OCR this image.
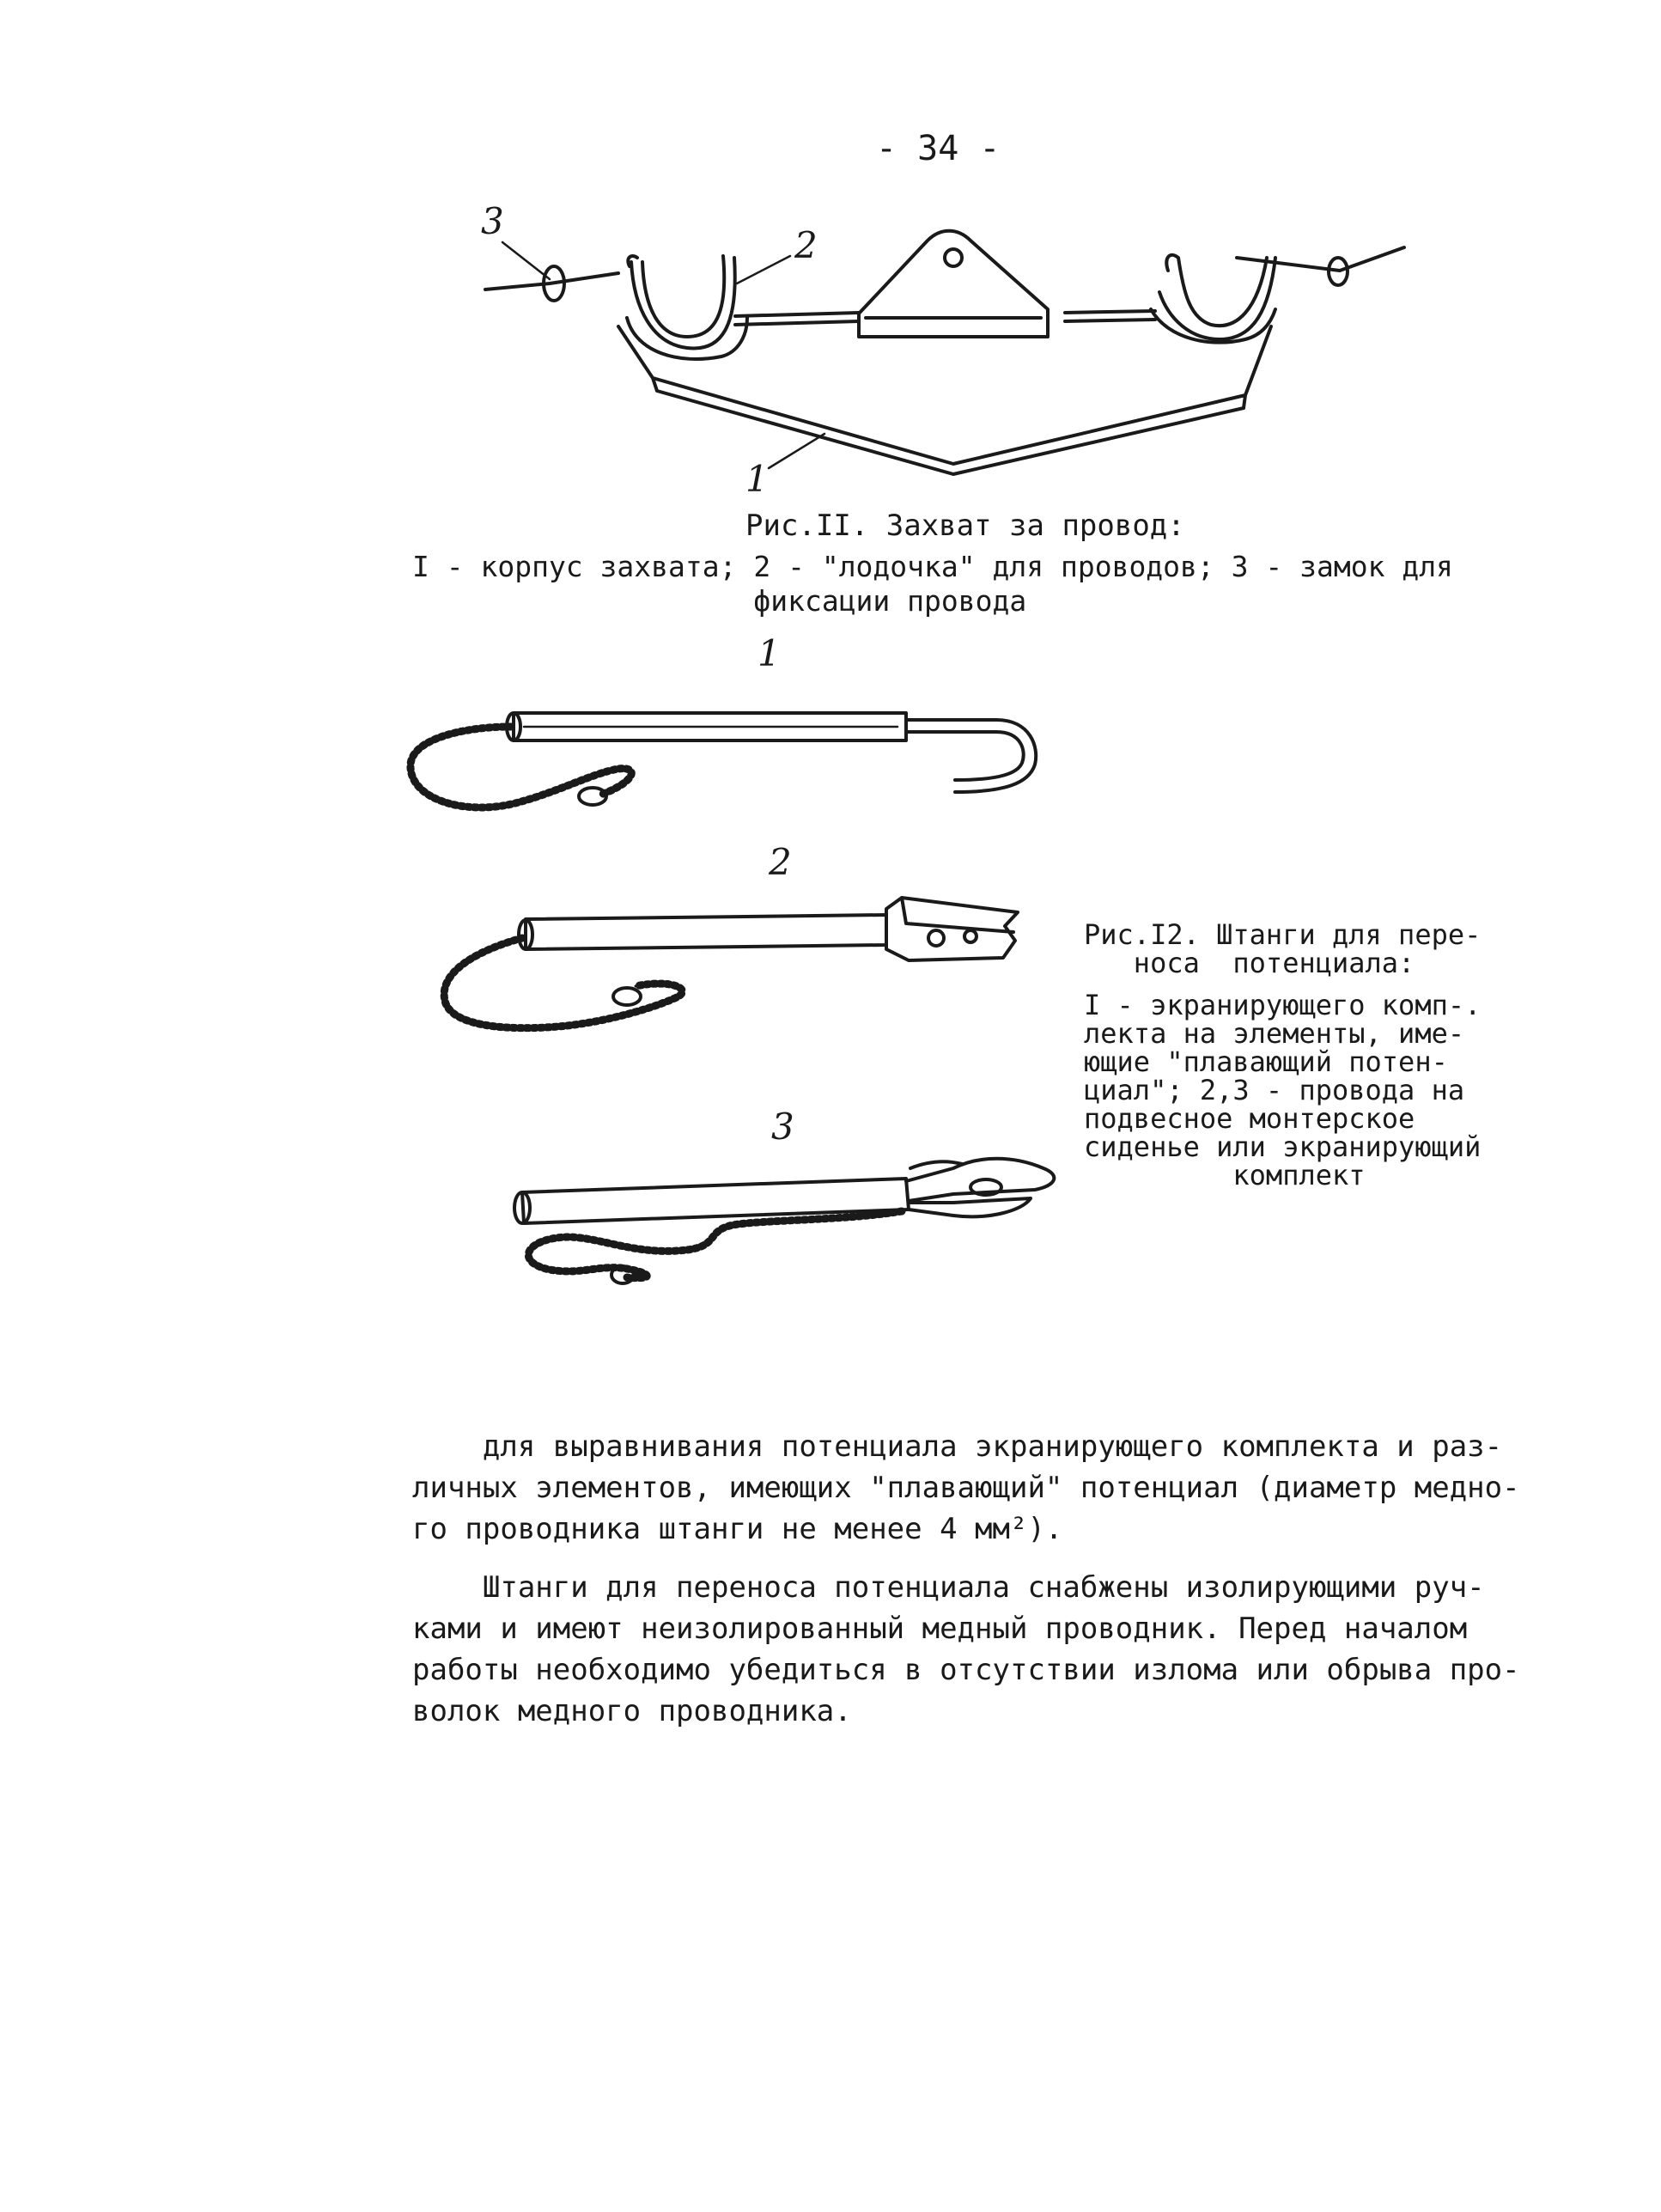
- 34 -
3
2
1
1
2
3
Рис.II. Захват за провод:
I - корпус захвата; 2 - "лодочка" для проводов; 3 - замок для
фиксации провода
Рис.I2. Штанги для пере-
носа  потенциала:
I - экранирующего комп-.
лекта на элементы, име-
ющие "плавающий потен-
циал"; 2,3 - провода на
подвесное монтерское
сиденье или экранирующий
комплект

для выравнивания потенциала экранирующего комплекта и раз-
личных элементов, имеющих "плавающий" потенциал (диаметр медно-
го проводника штанги не менее 4 мм²).

Штанги для переноса потенциала снабжены изолирующими руч-
ками и имеют неизолированный медный проводник. Перед началом
работы необходимо убедиться в отсутствии излома или обрыва про-
волок медного проводника.
